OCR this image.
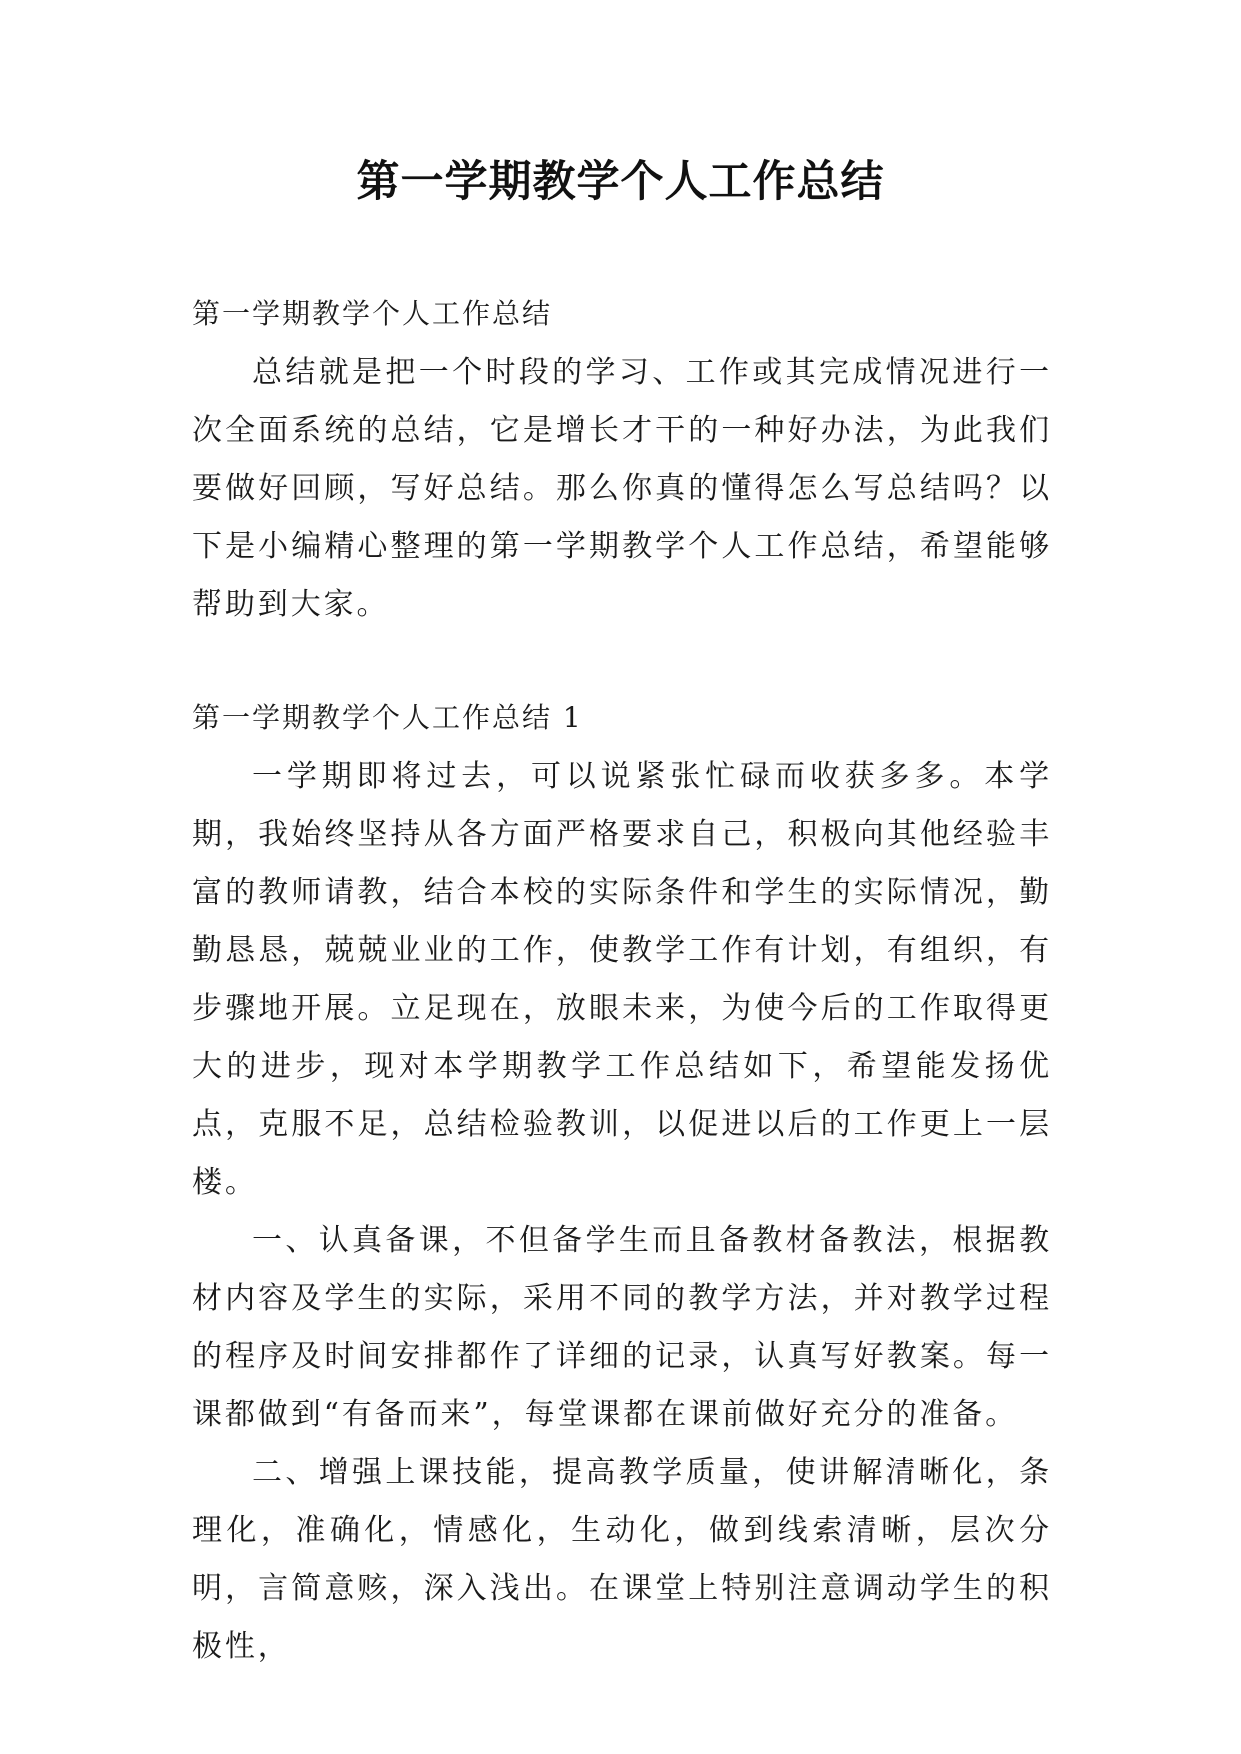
第一学期教学个人工作总结

第一学期教学个人工作总结

总结就是把一个时段的学习、工作或其完成情况进行一次全面系统的总结，它是增长才干的一种好办法，为此我们要做好回顾，写好总结。那么你真的懂得怎么写总结吗？以下是小编精心整理的第一学期教学个人工作总结，希望能够帮助到大家。

第一学期教学个人工作总结 1

一学期即将过去，可以说紧张忙碌而收获多多。本学期，我始终坚持从各方面严格要求自己，积极向其他经验丰富的教师请教，结合本校的实际条件和学生的实际情况，勤勤恳恳，兢兢业业的工作，使教学工作有计划，有组织，有步骤地开展。立足现在，放眼未来，为使今后的工作取得更大的进步，现对本学期教学工作总结如下，希望能发扬优点，克服不足，总结检验教训，以促进以后的工作更上一层楼。

一、认真备课，不但备学生而且备教材备教法，根据教材内容及学生的实际，采用不同的教学方法，并对教学过程的程序及时间安排都作了详细的记录，认真写好教案。每一课都做到“有备而来”，每堂课都在课前做好充分的准备。

二、增强上课技能，提高教学质量，使讲解清晰化，条理化，准确化，情感化，生动化，做到线索清晰，层次分明，言简意赅，深入浅出。在课堂上特别注意调动学生的积极性，
